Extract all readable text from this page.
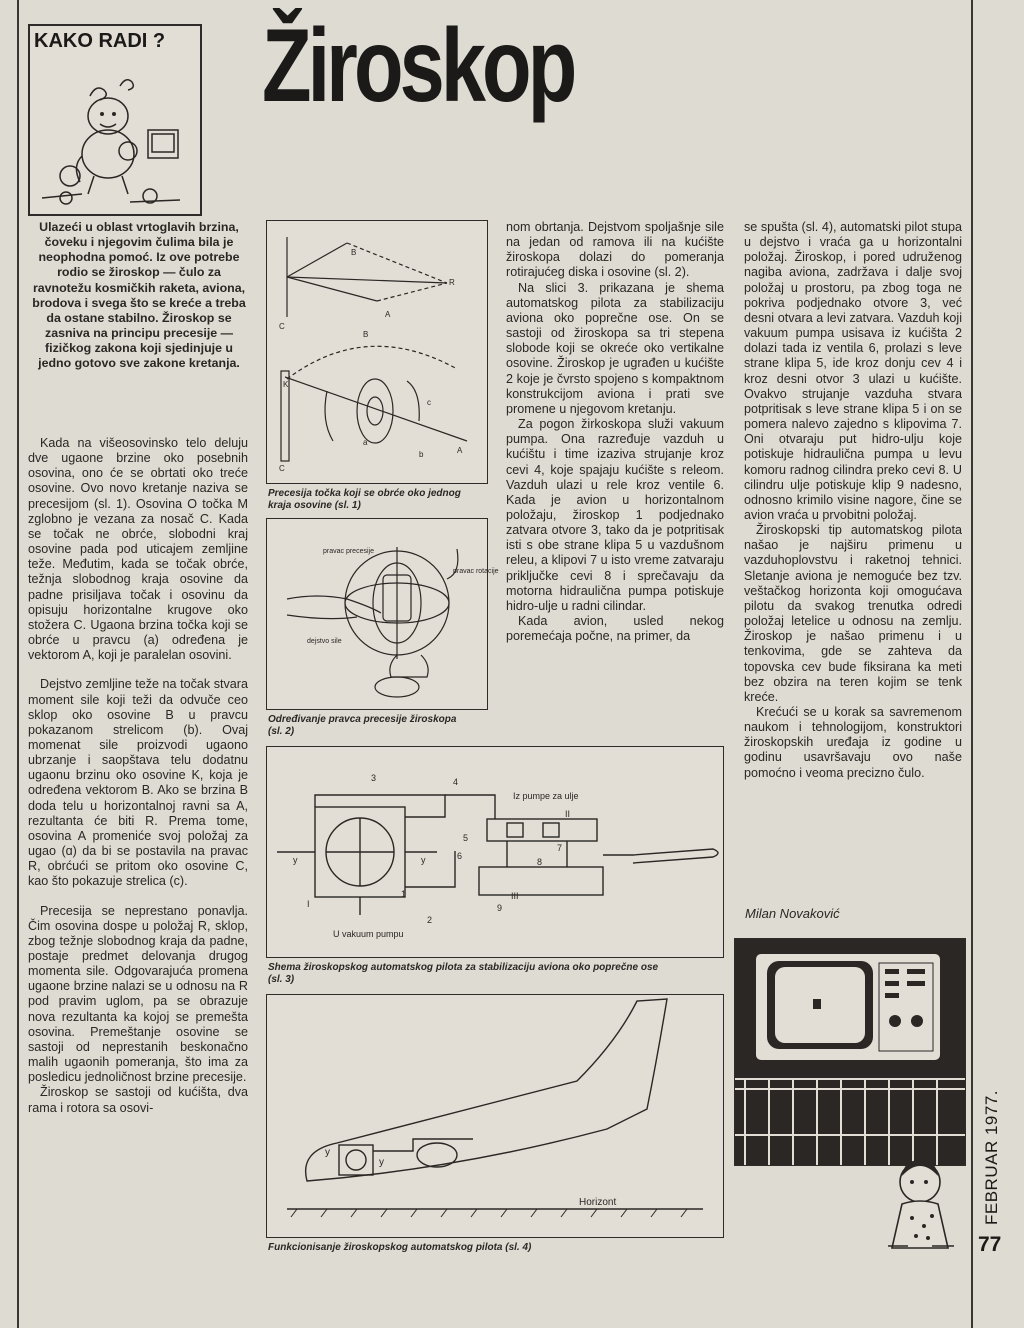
KAKO RADI ? Žiroskop
Ulazeći u oblast vrtoglavih brzina, čoveku i njegovim čulima bila je neophodna pomoć. Iz ove potrebe rodio se žiroskop — čulo za ravnotežu kosmičkih raketa, aviona, brodova i svega što se kreće a treba da ostane stabilno. Žiroskop se zasniva na principu precesije — fizičkog zakona koji sjedinjuje u jedno gotovo sve zakone kretanja.

Kada na višeosovinsko telo deluju dve ugaone brzine oko posebnih osovina, ono će se obrtati oko treće osovine. Ovo novo kretanje naziva se precesijom (sl. 1). Osovina O točka M zglobno je vezana za nosač C. Kada se točak ne obrće, slobodni kraj osovine pada pod uticajem zemljine teže. Međutim, kada se točak obrće, težnja slobodnog kraja osovine da padne prisiljava točak i osovinu da opisuju horizontalne krugove oko stožera C. Ugaona brzina točka koji se obrće u pravcu (a) određena je vektorom A, koji je paralelan osovini.

Dejstvo zemljine teže na točak stvara moment sile koji teži da odvuče ceo sklop oko osovine B u pravcu pokazanom strelicom (b). Ovaj momenat sile proizvodi ugaono ubrzanje i saopštava telu dodatnu ugaonu brzinu oko osovine K, koja je određena vektorom B. Ako se brzina B doda telu u horizontalnoj ravni sa A, rezultanta će biti R. Prema tome, osovina A promeniće svoj položaj za ugao (ɑ) da bi se postavila na pravac R, obrćući se pritom oko osovine C, kao što pokazuje strelica (c).

Precesija se neprestano ponavlja. Čim osovina dospe u položaj R, sklop, zbog težnje slobodnog kraja da padne, postaje predmet delovanja drugog momenta sile. Odgovarajuća promena ugaone brzine nalazi se u odnosu na R pod pravim uglom, pa se obrazuje nova rezultanta ka kojoj se premešta osovina. Premeštanje osovine se sastoji od neprestanih beskonačno malih ugaonih pomeranja, što ima za posledicu jednoličnost brzine precesije.

Žiroskop se sastoji od kućišta, dva rama i rotora sa osovi-

B
R
A
C
B
K
c
a
b	A
C
Precesija točka koji se obrće oko jednog kraja osovine (sl. 1)
pravac precesije
pravac rotacije
dejstvo sile
Određivanje pravca precesije žiroskopa (sl. 2)

nom obrtanja. Dejstvom spoljašnje sile na jedan od ramova ili na kućište žiroskopa dolazi do pomeranja rotirajućeg diska i osovine (sl. 2).

Na slici 3. prikazana je shema automatskog pilota za stabilizaciju aviona oko poprečne ose. On se sastoji od žiroskopa sa tri stepena slobode koji se okreće oko vertikalne osovine. Žiroskop je ugrađen u kućište 2 koje je čvrsto spojeno s kompaktnom konstrukcijom aviona i prati sve promene u njegovom kretanju.

Za pogon žirkoskopa služi vakuum pumpa. Ona razređuje vazduh u kućištu i time izaziva strujanje kroz cevi 4, koje spajaju kućište s releom. Vazduh ulazi u rele kroz ventile 6. Kada je avion u horizontalnom položaju, žiroskop 1 podjednako zatvara otvore 3, tako da je potpritisak isti s obe strane klipa 5 u vazdušnom releu, a klipovi 7 u isto vreme zatvaraju priključke cevi 8 i sprečavaju da motorna hidraulična pumpa potiskuje hidro-ulje u radni cilindar.

Kada avion, usled nekog poremećaja počne, na primer, da

3	4
Iz pumpe za ulje
II
5
6
7
8
y	y
1
2
I	9
III
U vakuum pumpu
Shema žiroskopskog automatskog pilota za stabilizaciju aviona oko poprečne ose (sl. 3)
y
y
Horizont
Funkcionisanje žiroskopskog automatskog pilota (sl. 4)

se spušta (sl. 4), automatski pilot stupa u dejstvo i vraća ga u horizontalni položaj. Žiroskop, i pored udruženog nagiba aviona, zadržava i dalje svoj položaj u prostoru, pa zbog toga ne pokriva podjednako otvore 3, već desni otvara a levi zatvara. Vazduh koji vakuum pumpa usisava iz kućišta 2 dolazi tada iz ventila 6, prolazi s leve strane klipa 5, ide kroz donju cev 4 i kroz desni otvor 3 ulazi u kućište. Ovakvo strujanje vazduha stvara potpritisak s leve strane klipa 5 i on se pomera nalevo zajedno s klipovima 7. Oni otvaraju put hidro-ulju koje potiskuje hidraulična pumpa u levu komoru radnog cilindra preko cevi 8. U cilindru ulje potiskuje klip 9 nadesno, odnosno krimilo visine nagore, čine se avion vraća u prvobitni položaj.

Žiroskopski tip automatskog pilota našao je najširu primenu u vazduhoplovstvu i raketnoj tehnici. Sletanje aviona je nemoguće bez tzv. veštačkog horizonta koji omogućava pilotu da svakog trenutka odredi položaj letelice u odnosu na zemlju. Žiroskop je našao primenu i u tenkovima, gde se zahteva da topovska cev bude fiksirana ka meti bez obzira na teren kojim se tenk kreće.

Krećući se u korak sa savremenom naukom i tehnologijom, konstruktori žiroskopskih uređaja iz godine u godinu usavršavaju ovo naše pomoćno i veoma precizno čulo.

Milan Novaković
FEBRUAR 1977.
77
